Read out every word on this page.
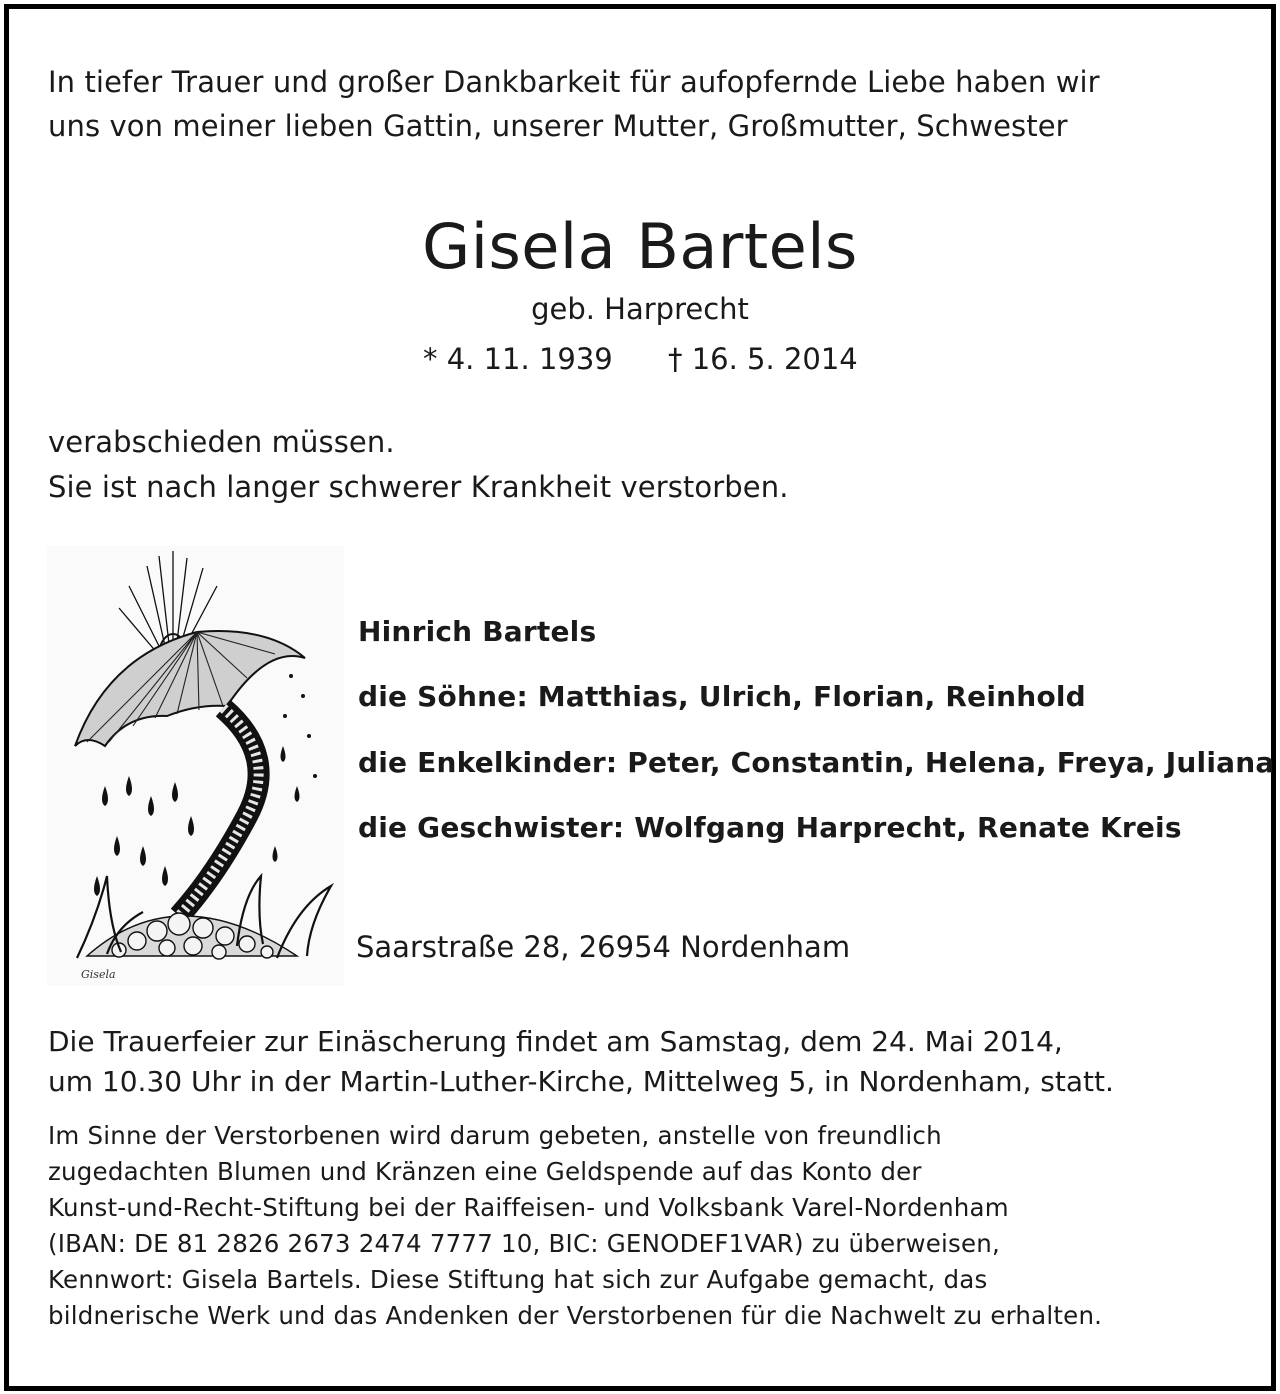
In tiefer Trauer und großer Dankbarkeit für aufopfernde Liebe haben wir
uns von meiner lieben Gattin, unserer Mutter, Großmutter, Schwester
Gisela Bartels
geb. Harprecht
* 4. 11. 1939 † 16. 5. 2014
verabschieden müssen.
Sie ist nach langer schwerer Krankheit verstorben.
Gisela
Hinrich Bartels
die Söhne: Matthias, Ulrich, Florian, Reinhold
die Enkelkinder: Peter, Constantin, Helena, Freya, Juliana
die Geschwister: Wolfgang Harprecht, Renate Kreis
Saarstraße 28, 26954 Nordenham
Die Trauerfeier zur Einäscherung findet am Samstag, dem 24. Mai 2014,
um 10.30 Uhr in der Martin-Luther-Kirche, Mittelweg 5, in Nordenham, statt.
Im Sinne der Verstorbenen wird darum gebeten, anstelle von freundlich
zugedachten Blumen und Kränzen eine Geldspende auf das Konto der
Kunst-und-Recht-Stiftung bei der Raiffeisen- und Volksbank Varel-Nordenham
(IBAN: DE 81 2826 2673 2474 7777 10, BIC: GENODEF1VAR) zu überweisen,
Kennwort: Gisela Bartels. Diese Stiftung hat sich zur Aufgabe gemacht, das
bildnerische Werk und das Andenken der Verstorbenen für die Nachwelt zu erhalten.
